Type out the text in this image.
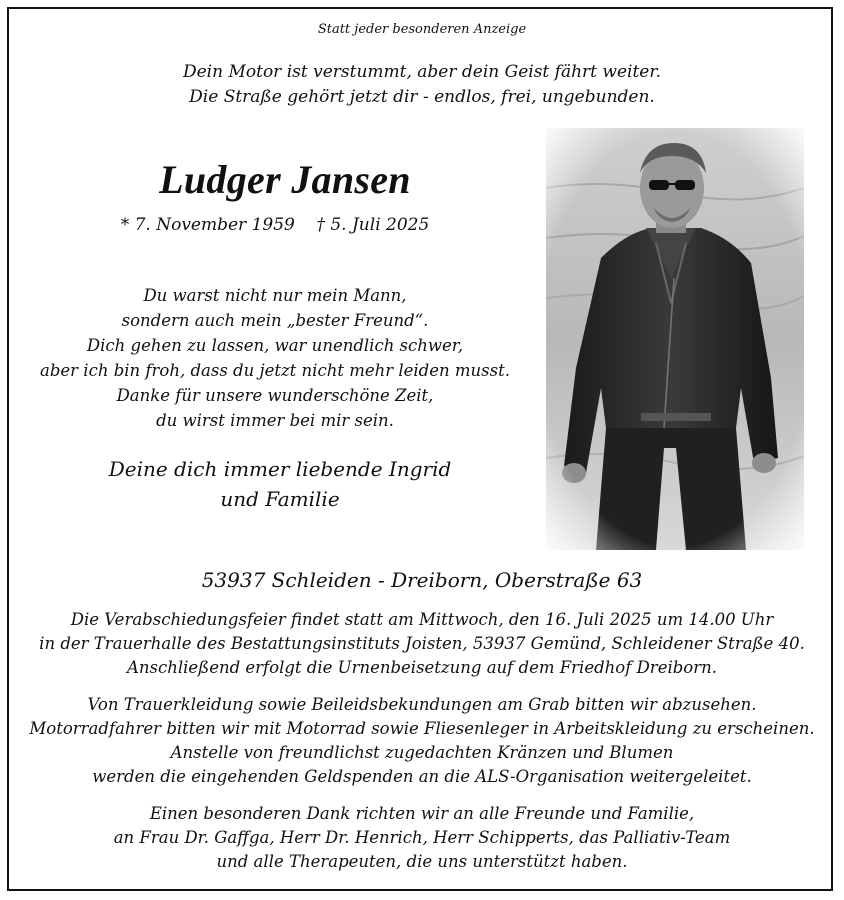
Statt jeder besonderen Anzeige
Dein Motor ist verstummt, aber dein Geist fährt weiter.
Die Straße gehört jetzt dir - endlos, frei, ungebunden.
Ludger Jansen
* 7. November 1959    † 5. Juli 2025
Du warst nicht nur mein Mann,
sondern auch mein „bester Freund“.
Dich gehen zu lassen, war unendlich schwer,
aber ich bin froh, dass du jetzt nicht mehr leiden musst.
Danke für unsere wunderschöne Zeit,
du wirst immer bei mir sein.
Deine dich immer liebende Ingrid
und Familie
53937 Schleiden - Dreiborn, Oberstraße 63
Die Verabschiedungsfeier findet statt am Mittwoch, den 16. Juli 2025 um 14.00 Uhr
in der Trauerhalle des Bestattungsinstituts Joisten, 53937 Gemünd, Schleidener Straße 40.
Anschließend erfolgt die Urnenbeisetzung auf dem Friedhof Dreiborn.
Von Trauerkleidung sowie Beileidsbekundungen am Grab bitten wir abzusehen.
Motorradfahrer bitten wir mit Motorrad sowie Fliesenleger in Arbeitskleidung zu erscheinen.
Anstelle von freundlichst zugedachten Kränzen und Blumen
werden die eingehenden Geldspenden an die ALS-Organisation weitergeleitet.
Einen besonderen Dank richten wir an alle Freunde und Familie,
an Frau Dr. Gaffga, Herr Dr. Henrich, Herr Schipperts, das Palliativ-Team
und alle Therapeuten, die uns unterstützt haben.
